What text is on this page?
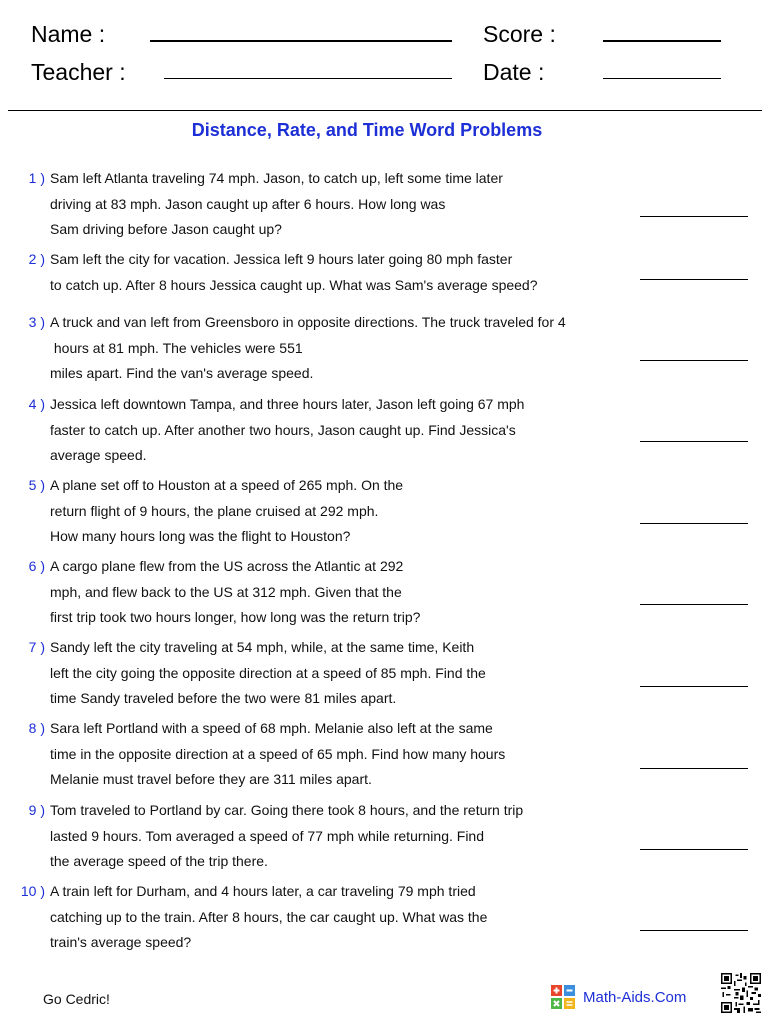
Name :
Teacher :
Score :
Date :
Distance, Rate, and Time Word Problems
1 ) Sam left Atlanta traveling 74 mph. Jason, to catch up, left some time later
driving at 83 mph. Jason caught up after 6 hours. How long was
Sam driving before Jason caught up?
2 ) Sam left the city for vacation. Jessica left 9 hours later going 80 mph faster
to catch up. After 8 hours Jessica caught up. What was Sam's average speed?
3 ) A truck and van left from Greensboro in opposite directions. The truck traveled for 4
hours at 81 mph. The vehicles were 551
miles apart. Find the van's average speed.
4 ) Jessica left downtown Tampa, and three hours later, Jason left going 67 mph
faster to catch up. After another two hours, Jason caught up. Find Jessica's
average speed.
5 ) A plane set off to Houston at a speed of 265 mph. On the
return flight of 9 hours, the plane cruised at 292 mph.
How many hours long was the flight to Houston?
6 ) A cargo plane flew from the US across the Atlantic at 292
mph, and flew back to the US at 312 mph. Given that the
first trip took two hours longer, how long was the return trip?
7 ) Sandy left the city traveling at 54 mph, while, at the same time, Keith
left the city going the opposite direction at a speed of 85 mph. Find the
time Sandy traveled before the two were 81 miles apart.
8 ) Sara left Portland with a speed of 68 mph. Melanie also left at the same
time in the opposite direction at a speed of 65 mph. Find how many hours
Melanie must travel before they are 311 miles apart.
9 ) Tom traveled to Portland by car. Going there took 8 hours, and the return trip
lasted 9 hours. Tom averaged a speed of 77 mph while returning. Find
the average speed of the trip there.
10 ) A train left for Durham, and 4 hours later, a car traveling 79 mph tried
catching up to the train. After 8 hours, the car caught up. What was the
train's average speed?
Go Cedric!	Math-Aids.Com
